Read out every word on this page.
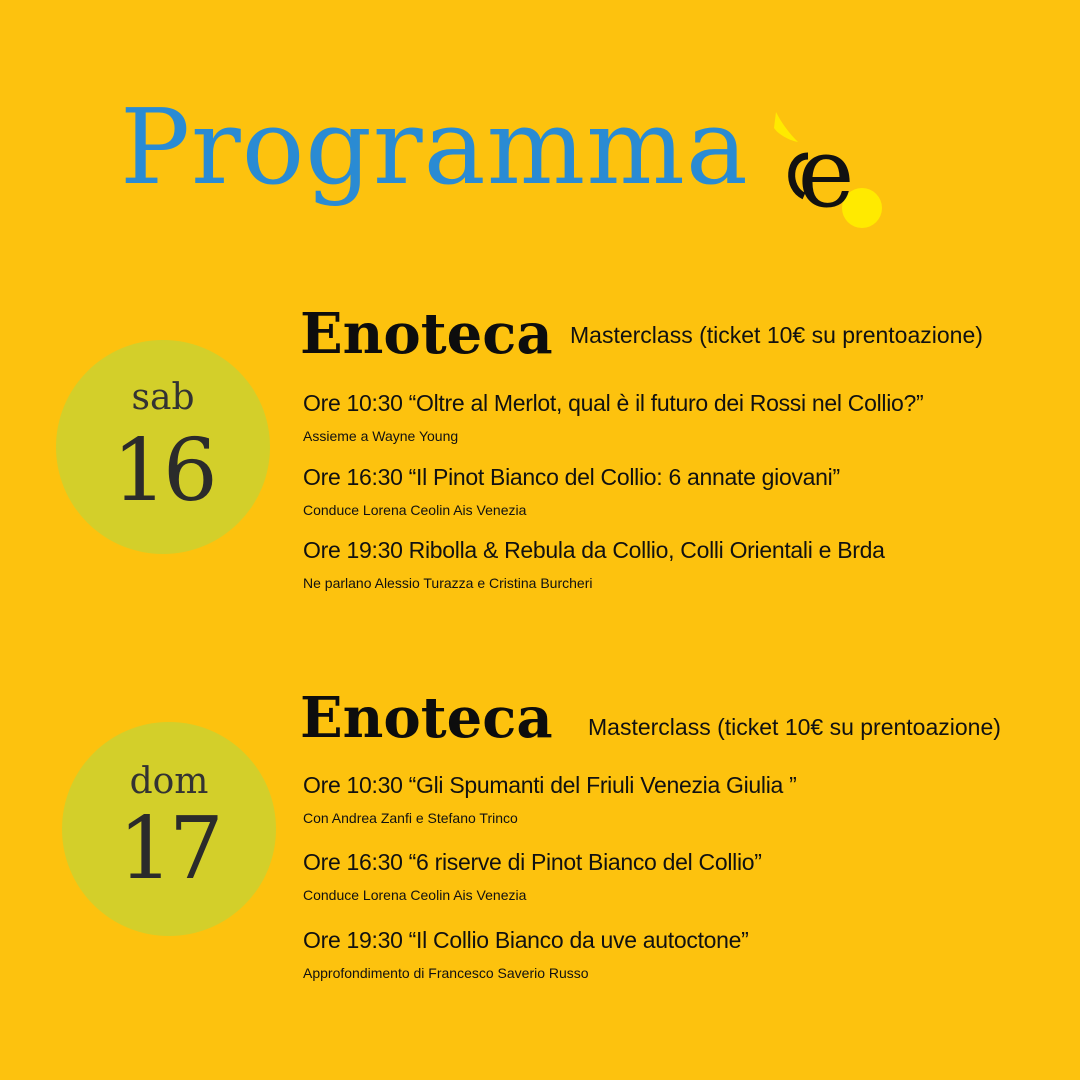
Programma e
sab
16
Enoteca Masterclass (ticket 10€ su prentoazione)
Ore 10:30 “Oltre al Merlot, qual è il futuro dei Rossi nel Collio?”
Assieme a Wayne Young
Ore 16:30 “Il Pinot Bianco del Collio: 6 annate giovani”
Conduce Lorena Ceolin Ais Venezia
Ore 19:30 Ribolla & Rebula da Collio, Colli Orientali e Brda
Ne parlano Alessio Turazza e Cristina Burcheri
dom
17
Enoteca Masterclass (ticket 10€ su prentoazione)
Ore 10:30 “Gli Spumanti del Friuli Venezia Giulia ”
Con Andrea Zanfi e Stefano Trinco
Ore 16:30 “6 riserve di Pinot Bianco del Collio”
Conduce Lorena Ceolin Ais Venezia
Ore 19:30 “Il Collio Bianco da uve autoctone”
Approfondimento di Francesco Saverio Russo
